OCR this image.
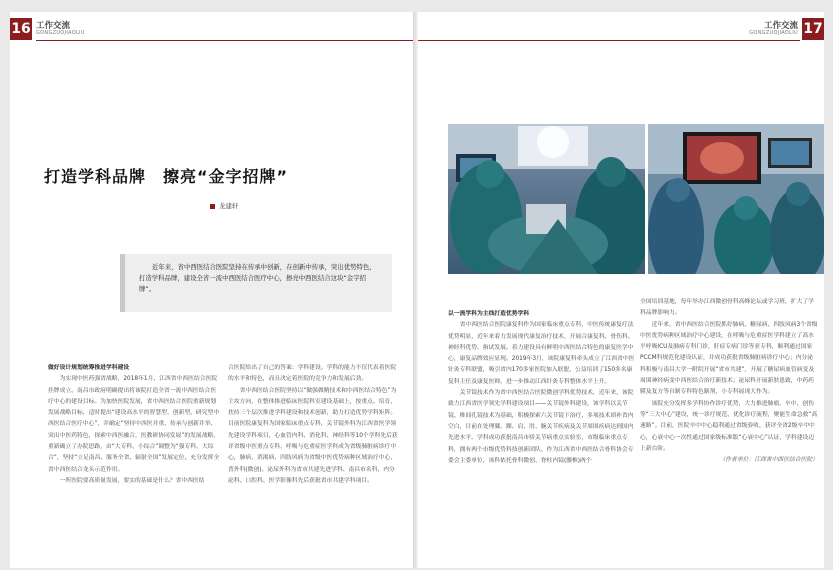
16 工作交流
GONGZUOJIAOLIU
打造学科品牌　擦亮“金字招牌”
龙建轩

近年来，省中西医结合医院坚持在传承中创新，在创新中传承，突出优势特色，打造学科品牌，建设全省一流中西医结合医疗中心，擦亮中西医结合这块“金字招牌”。

做好设计规划统筹推进学科建设

为实现中医药强省战略，2018年1月，江西省中西医结合医院挂牌成立。南昌市政府明确提出将该院打造全省一流中西医结合医疗中心的建设目标。为加快医院发展，省中西医结合医院重新规划发展战略目标，适时提出“建设高水平的智慧型、创新型、研究型中西医结合医疗中心”，并确定“坚持中西医并重、传承与创新并举、突出中医药特色，探索中西医融合，医教研协同发展”的发展战略，重新确立了办院思路，由“大专科、小综合”调整为“强专科、大综合”，坚持“立足南昌、服务全省、辐射全国”发展定位，充分发挥全省中西医结合龙头示范作用。

一所医院要高质量发展，要实的基础是什么？省中西医结

合医院给出了自己的答案：学科建设。学科的能力不仅代表着医院的水平和特色，而且决定着医院的竞争力和发展后劲。

省中西医结合医院坚持以“做强做精技术和中西医结合特色”为主攻方向，在整体推进临床医院科室建设基础上，按重点、培育、扶持三个层次推进学科建设和技术创新，助力打造优势学科矩阵。目前医院康复科为国家临床重点专科，关节镜外科为江西省医学领先建设学科项目，心血管内科、消化科、神经科等10个学科先后获评省级中医重点专科，呼吸与危重症医学科成为省级肺脏病诊疗中心，肺病、消渴病、四肢风病为省级中医优势病种区域治疗中心，普外科(微创)、泌尿外科为省市共建先进学科、南昌市名科，内分泌科、口腔科、医学影像科先后获批省市共建学科项目。

工作交流
GONGZUOJIAOLIU 17

以一流学科为主线打造优势学科

省中西医结合医院康复科作为国家临床重点专科，中医传统康复疗法优势明显，近年来着力发展现代康复治疗技术，开展合康复科、骨伤科、神经科优势、指试发展。着力建设具有鲜明中西医结合特色的康复医学中心，康复品牌效应显现。2019年3月，该院康复科牵头成立了江西省中医针灸专科联盟，吸引省内170多家医院加入联盟，公益培训了150多名康复科主任及康复医师，进一步推动江西针灸专科整体水平上升。

关节镜技术作为省中西医结合医院微创学科优势技术，近年来，该院致力江西省医学领先学科建设项目——关节镜外科建设，该学科以关节镜、椎间孔镜技术为基础，积极探索六关节镜下治疗，多项技术填补省内空白，目前在处理膝、踝、肩、肘、腕关节疾病及关节周围疾病达到国内先进水平。学科成功获批南昌市骄关节病重点实验室，市级临床重点专科，拥有两个市级优势科技创新团队。作为江西省中西医结合骨科协会专委会主委单位，该科依托骨科微创、脊柱内镜(腰椎)两个

全国培训基地，每年举办江西微创骨科高峰论坛或学习班，扩大了学科品牌影响力。

近年来，省中西医结合医院抓好肺病、糖尿病、四肢风病3个省级中医优势病种区域治疗中心建设，在呼吸与危重症医学科建立了高水平呼吸ICU及肺病专科门诊，肝症专病门诊等亚专科，顺利通过国家PCCM科规范化建设认证，并成功获批省级肺脏病诊疗中心；内分泌科积极与南昌大学一附院开展“省市共建”，开展了糖尿病血管病变及周围神经病变中西医结合治疗新技术；泌尿科开展新肤患致，中药药膜及复方等自制专科特色制剂，小专科展现大作为。

该院充分发挥多学科协作诊疗优势，大力推进肺瘤、卒中、创伤等“三大中心”建设，统一诊疗规范、优化诊疗流程，聚能生命急救“高速路”。目前，医院卒中中心稳利通过省级验收，获评全省2级卒中中心，心衰中心一次性通过国家级标准版“心衰中心”认证，学科建设迈上新台阶。

（作者单位：江西省中西医结合医院）
